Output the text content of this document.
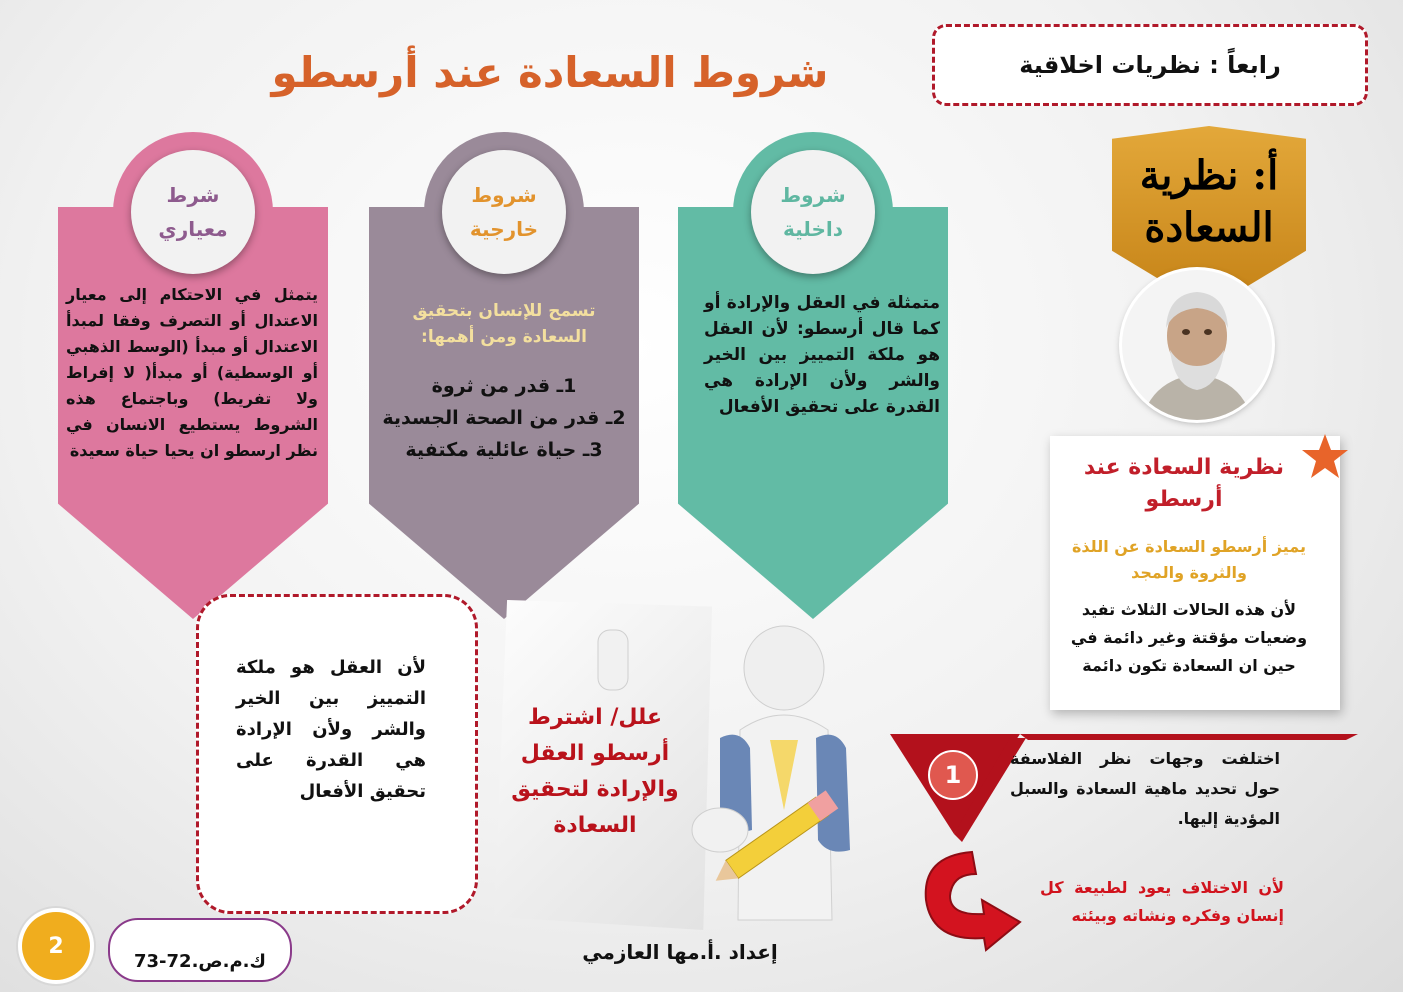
شروط السعادة عند أرسطو	رابعاً : نظريات اخلاقية
أ: نظرية
السعادة
نظرية السعادة عند أرسطو
يميز أرسطو السعادة عن اللذة والثروة والمجد
لأن هذه الحالات الثلاث تفيد وضعيات مؤقتة وغير دائمة في حين ان السعادة تكون دائمة
شروط داخلية
متمثلة في العقل والإرادة أو كما قال أرسطو: لأن العقل هو ملكة التمييز بين الخير والشر ولأن الإرادة هي القدرة على تحقيق الأفعال
شروط خارجية
تسمح للإنسان بتحقيق السعادة ومن أهمها:
1ـ قدر من ثروة
2ـ قدر من الصحة الجسدية
3ـ حياة عائلية مكتفية
شرط معياري
يتمثل في الاحتكام إلى معيار الاعتدال أو التصرف وفقا لمبدأ الاعتدال أو مبدأ (الوسط الذهبي أو الوسطية) أو مبدأ( لا إفراط ولا تفريط) وباجتماع هذه الشروط يستطيع الانسان في نظر ارسطو ان يحيا حياة سعيدة
لأن العقل هو ملكة التمييز بين الخير والشر ولأن الإرادة هي القدرة على تحقيق الأفعال
علل/ اشترط أرسطو العقل والإرادة لتحقيق السعادة
1
اختلفت وجهات نظر الفلاسفة حول تحديد ماهية السعادة والسبل المؤدية إليها.
لأن الاختلاف يعود لطبيعة كل إنسان وفكره ونشاته وبيئته
2
ك.م.ص.72-73	إعداد .أ.مها العازمي
